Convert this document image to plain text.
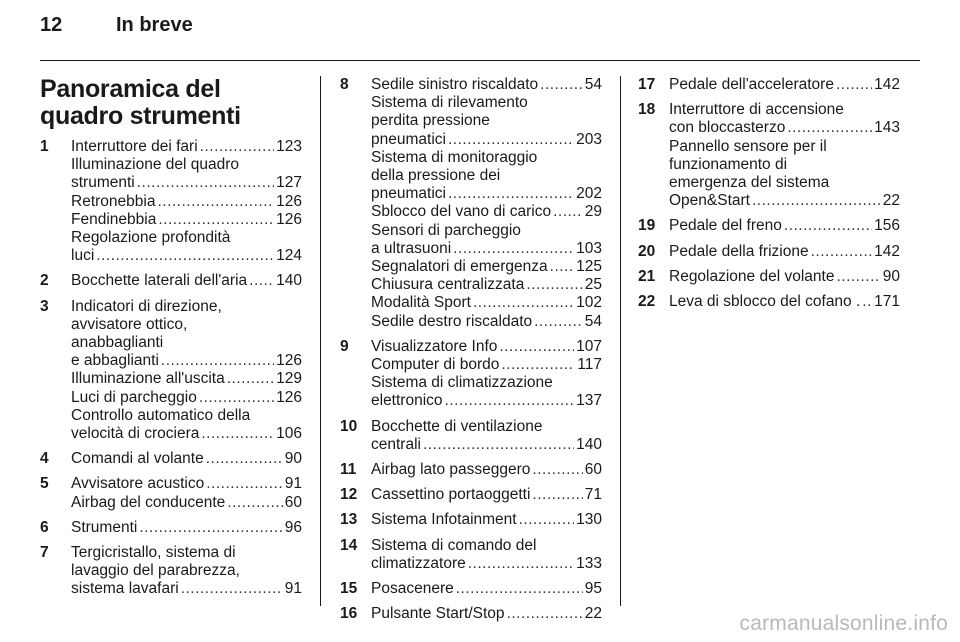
12	In breve
Panoramica del quadro strumenti
1	Interruttore dei fari .....	123
Illuminazione del quadro
strumenti .....	127
Retronebbia .....	126
Fendinebbia .....	126
Regolazione profondità
luci .....	124
2	Bocchette laterali dell'aria ..... 140
3	Indicatori di direzione,
avvisatore ottico,
anabbaglianti
e abbaglianti .....	126
Illuminazione all'uscita .....	129
Luci di parcheggio .....	126
Controllo automatico della
velocità di crociera .....	106
4	Comandi al volante .....	90
5	Avvisatore acustico .....	91
Airbag del conducente .....	60
6	Strumenti .....	96
7	Tergicristallo, sistema di
lavaggio del parabrezza,
sistema lavafari .....	91
8	Sedile sinistro riscaldato .....	54
Sistema di rilevamento
perdita pressione
pneumatici .....	203
Sistema di monitoraggio
della pressione dei
pneumatici .....	202
Sblocco del vano di carico ..... 29
Sensori di parcheggio
a ultrasuoni .....	103
Segnalatori di emergenza ..... 125
Chiusura centralizzata .....	25
Modalità Sport .....	102
Sedile destro riscaldato .....	54
9	Visualizzatore Info .....	107
Computer di bordo .....	117
Sistema di climatizzazione
elettronico .....	137
10 Bocchette di ventilazione
centrali .....	140
11 Airbag lato passeggero .....	60
12 Cassettino portaoggetti .....	71
13 Sistema Infotainment .....	130
14 Sistema di comando del
climatizzatore .....	133
15 Posacenere .....	95
16 Pulsante Start/Stop .....	22
17 Pedale dell'acceleratore .....	142
18 Interruttore di accensione
con bloccasterzo .....	143
Pannello sensore per il
funzionamento di
emergenza del sistema
Open&Start .....	22
19 Pedale del freno .....	156
20 Pedale della frizione .....	142
21 Regolazione del volante .....	90
22 Leva di sblocco del cofano . ..... 171
carmanualsonline.info
